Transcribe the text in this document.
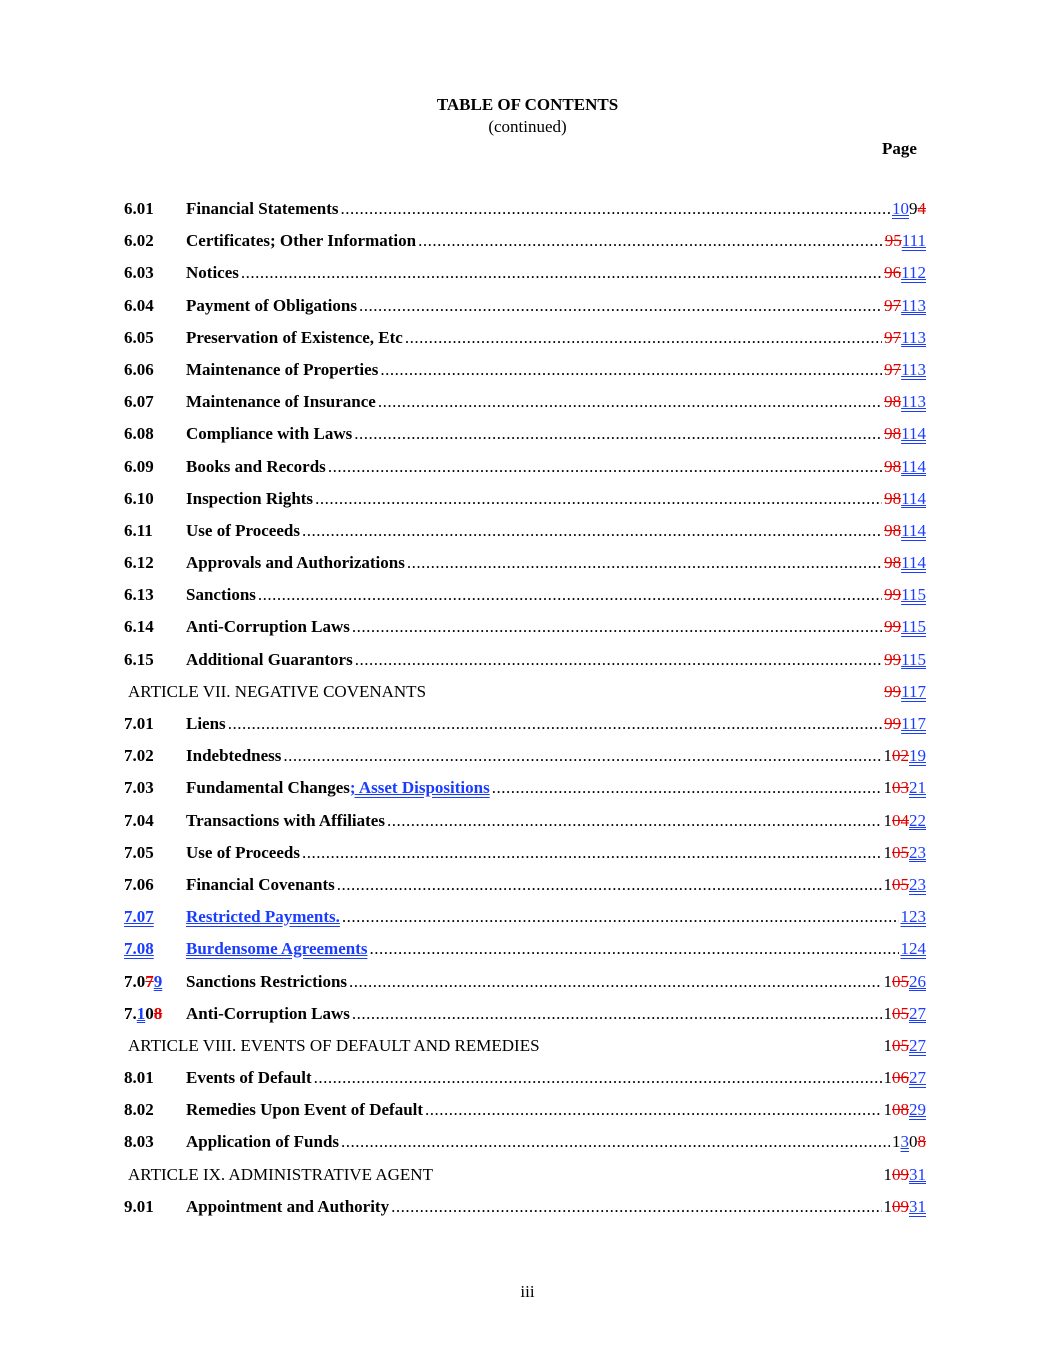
TABLE OF CONTENTS
(continued)
Page
6.01 Financial Statements .....	1094
6.02 Certificates; Other Information .....	95111
6.03 Notices .....	96112
6.04 Payment of Obligations .....	97113
6.05 Preservation of Existence, Etc .....	97113
6.06 Maintenance of Properties .....	97113
6.07 Maintenance of Insurance .....	98113
6.08 Compliance with Laws .....	98114
6.09 Books and Records .....	98114
6.10 Inspection Rights .....	98114
6.11 Use of Proceeds .....	98114
6.12 Approvals and Authorizations .....	98114
6.13 Sanctions .....	99115
6.14 Anti-Corruption Laws .....	99115
6.15 Additional Guarantors .....	99115
ARTICLE VII. NEGATIVE COVENANTS	99117
7.01 Liens .....	99117
7.02 Indebtedness .....	10219
7.03 Fundamental Changes; Asset Dispositions .....	10321
7.04 Transactions with Affiliates .....	10422
7.05 Use of Proceeds .....	10523
7.06 Financial Covenants .....	10523
7.07 Restricted Payments. .....	123
7.08 Burdensome Agreements .....	124
7.079 Sanctions Restrictions .....	10526
7.108 Anti-Corruption Laws .....	10527
ARTICLE VIII. EVENTS OF DEFAULT AND REMEDIES	10527
8.01 Events of Default .....	10627
8.02 Remedies Upon Event of Default .....	10829
8.03 Application of Funds .....	1308
ARTICLE IX. ADMINISTRATIVE AGENT	10931
9.01 Appointment and Authority .....	10931
iii
